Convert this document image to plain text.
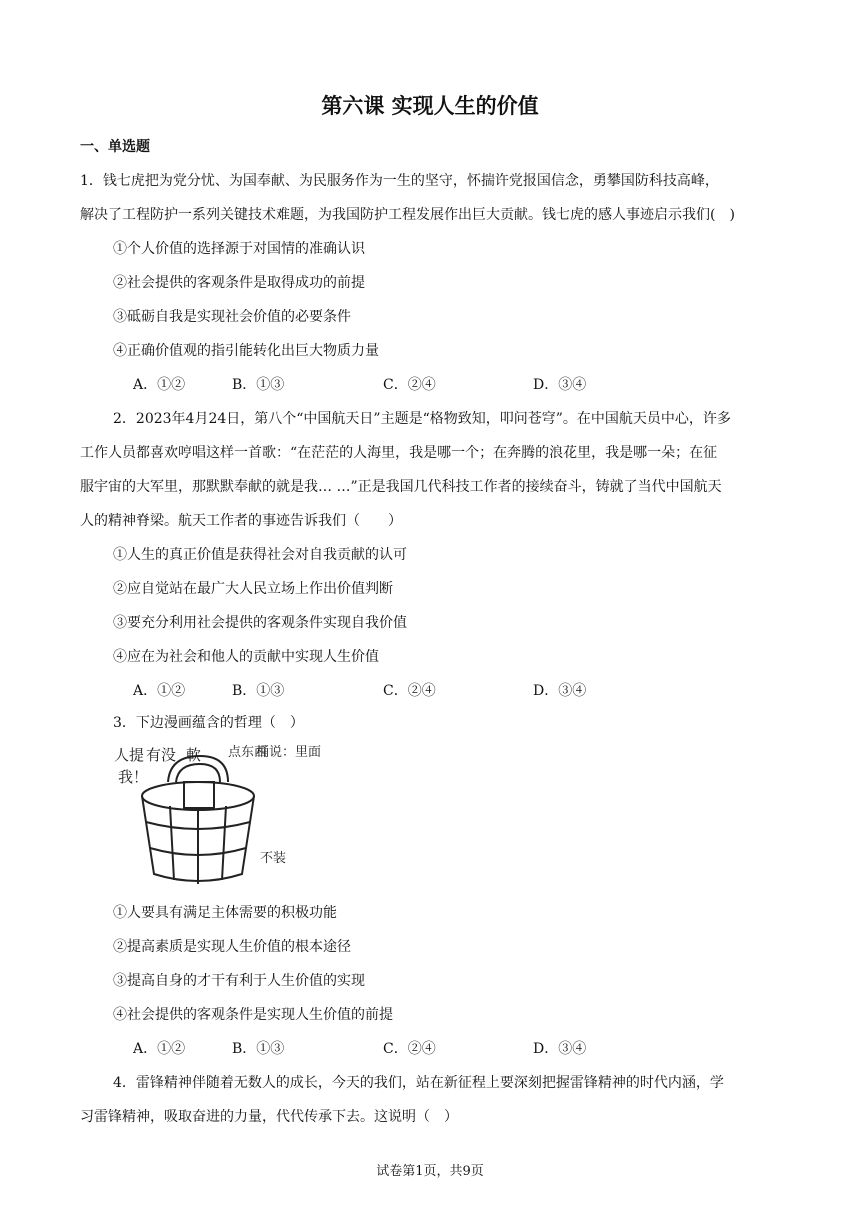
第六课 实现人生的价值
一、单选题
1．钱七虎把为党分忧、为国奉献、为民服务作为一生的坚守，怀揣许党报国信念，勇攀国防科技高峰，
解决了工程防护一系列关键技术难题，为我国防护工程发展作出巨大贡献。钱七虎的感人事迹启示我们(　)
①个人价值的选择源于对国情的准确认识
②社会提供的客观条件是取得成功的前提
③砥砺自我是实现社会价值的必要条件
④正确价值观的指引能转化出巨大物质力量
A．①②	B．①③	C．②④	D．③④
2．2023年4月24日，第八个“中国航天日”主题是“格物致知，叩问苍穹”。在中国航天员中心，许多
工作人员都喜欢哼唱这样一首歌：“在茫茫的人海里，我是哪一个；在奔腾的浪花里，我是哪一朵；在征
服宇宙的大军里，那默默奉献的就是我… …”正是我国几代科技工作者的接续奋斗，铸就了当代中国航天
人的精神脊梁。航天工作者的事迹告诉我们（　　）
①人生的真正价值是获得社会对自我贡献的认可
②应自觉站在最广大人民立场上作出价值判断
③要充分利用社会提供的客观条件实现自我价值
④应在为社会和他人的贡献中实现人生价值
A．①②	B．①③	C．②④	D．③④
3．下边漫画蕴含的哲理（　）
人提
我！
有没 軟 点东西
桶说：里面
不装
①人要具有满足主体需要的积极功能
②提高素质是实现人生价值的根本途径
③提高自身的才干有利于人生价值的实现
④社会提供的客观条件是实现人生价值的前提
A．①②	B．①③	C．②④	D．③④
4．雷锋精神伴随着无数人的成长，今天的我们，站在新征程上要深刻把握雷锋精神的时代内涵，学
习雷锋精神，吸取奋进的力量，代代传承下去。这说明（　）
试卷第1页，共9页
